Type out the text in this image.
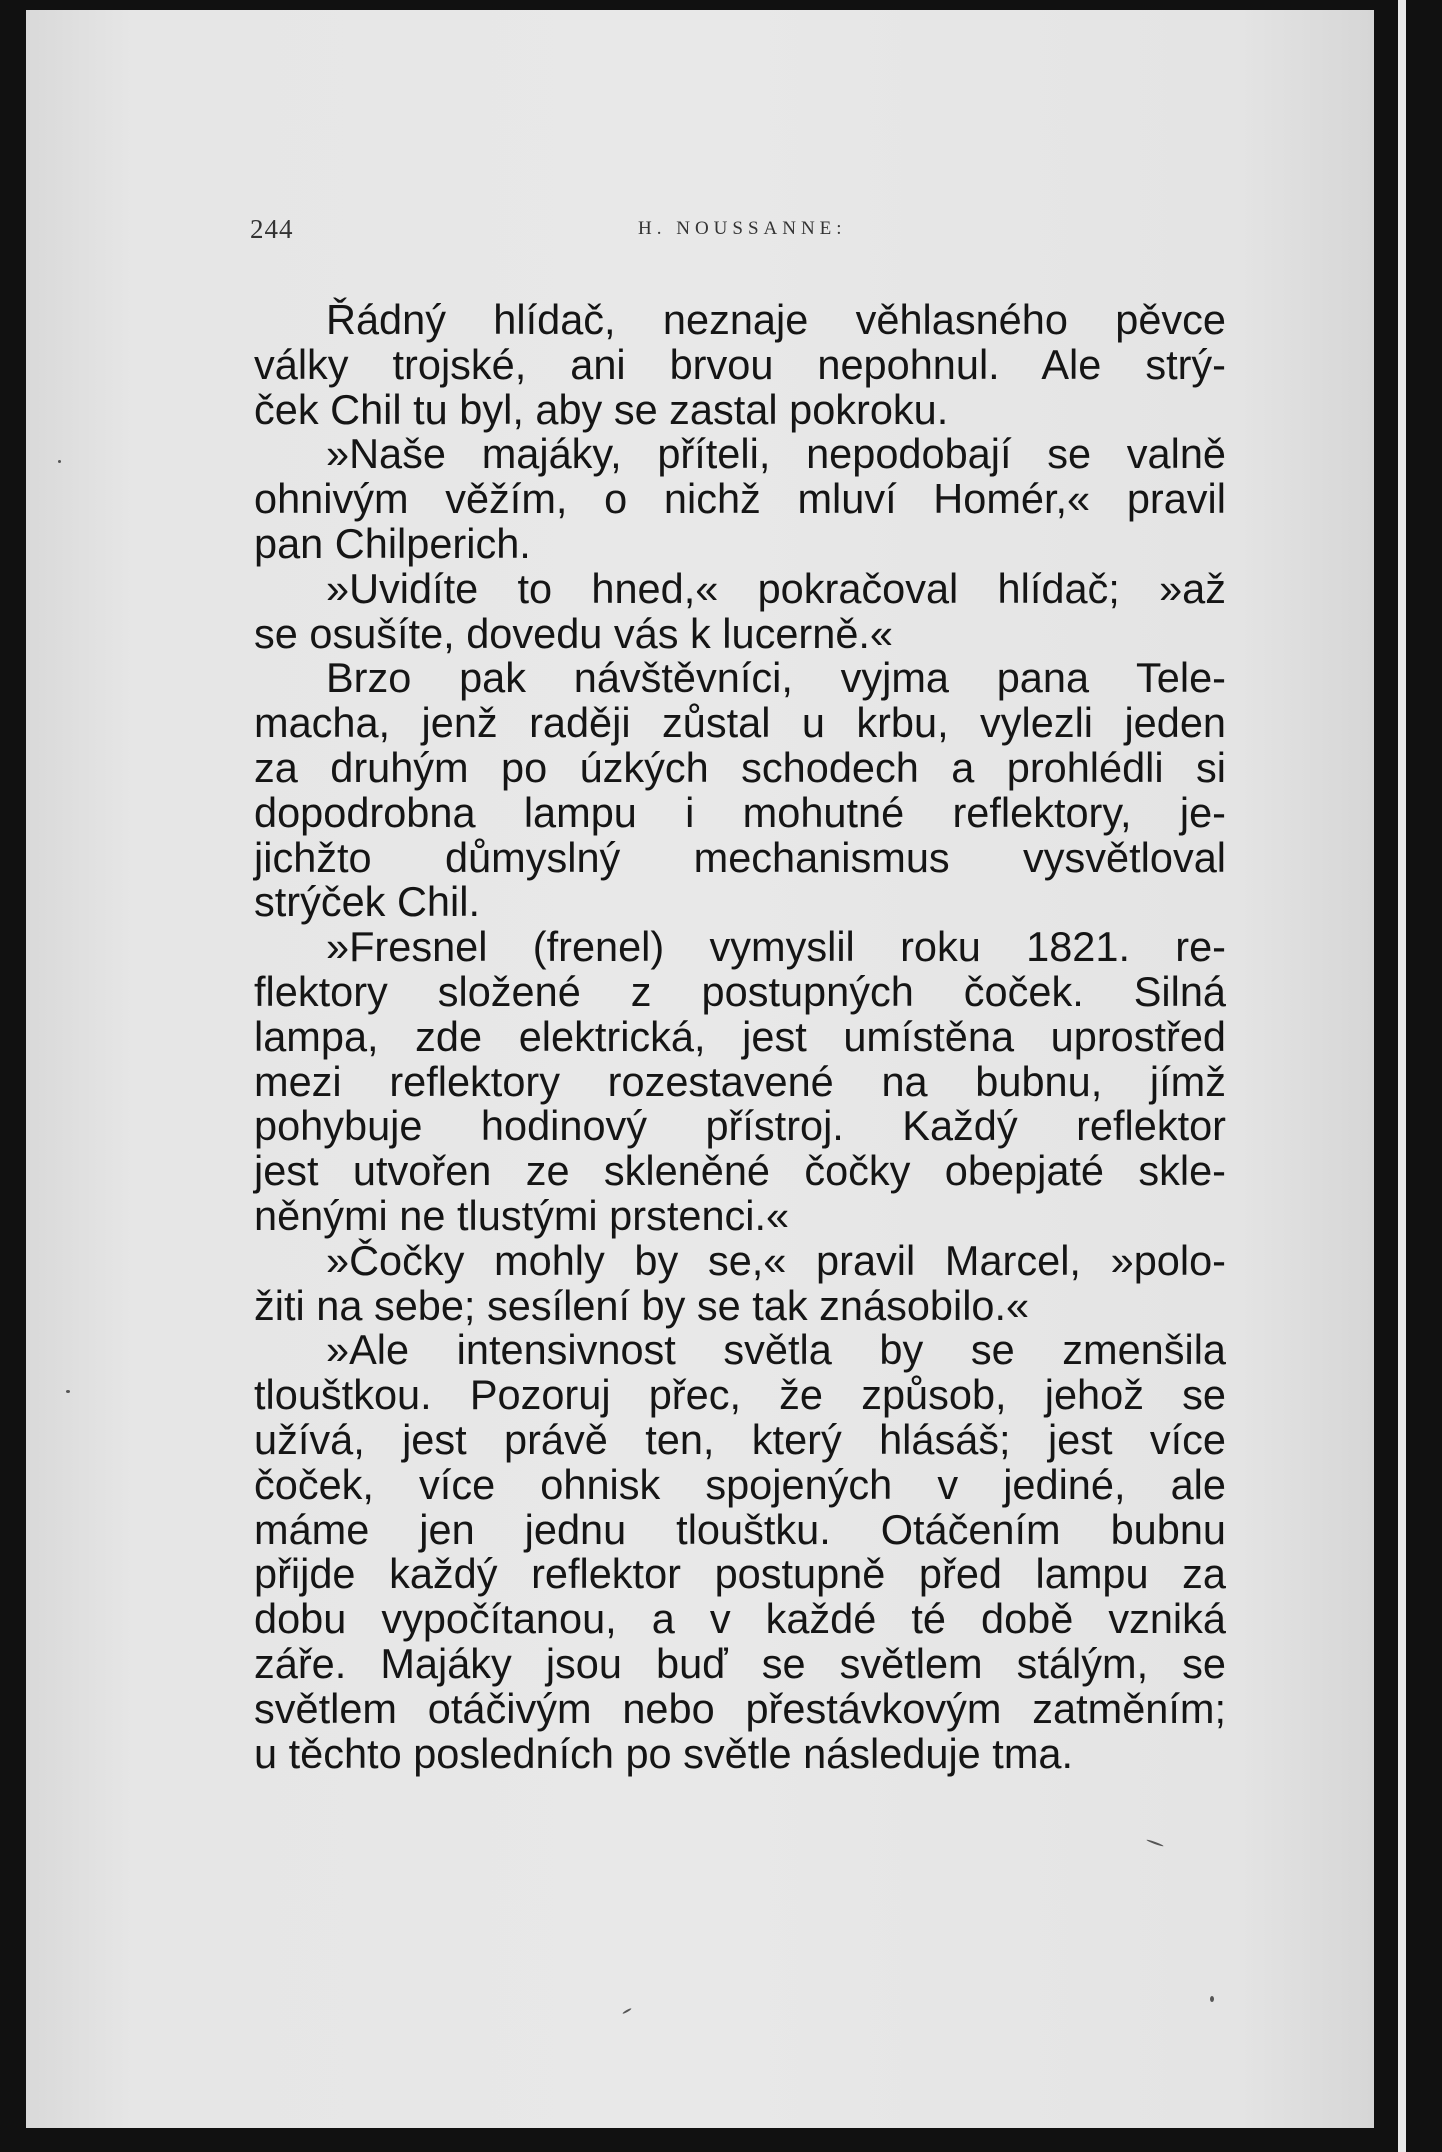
244	H. NOUSSANNE:
Řádný hlídač, neznaje věhlasného pěvce
války trojské, ani brvou nepohnul. Ale strý-
ček Chil tu byl, aby se zastal pokroku.
»Naše majáky, příteli, nepodobají se valně
ohnivým věžím, o nichž mluví Homér,« pravil
pan Chilperich.
»Uvidíte to hned,« pokračoval hlídač; »až
se osušíte, dovedu vás k lucerně.«
Brzo pak návštěvníci, vyjma pana Tele-
macha, jenž raději zůstal u krbu, vylezli jeden
za druhým po úzkých schodech a prohlédli si
dopodrobna lampu i mohutné reflektory, je-
jichžto důmyslný mechanismus vysvětloval
strýček Chil.
»Fresnel (frenel) vymyslil roku 1821. re-
flektory složené z postupných čoček. Silná
lampa, zde elektrická, jest umístěna uprostřed
mezi reflektory rozestavené na bubnu, jímž
pohybuje hodinový přístroj. Každý reflektor
jest utvořen ze skleněné čočky obepjaté skle-
něnými ne tlustými prstenci.«
»Čočky mohly by se,« pravil Marcel, »polo-
žiti na sebe; sesílení by se tak znásobilo.«
»Ale intensivnost světla by se zmenšila
tlouštkou. Pozoruj přec, že způsob, jehož se
užívá, jest právě ten, který hlásáš; jest více
čoček, více ohnisk spojených v jediné, ale
máme jen jednu tlouštku. Otáčením bubnu
přijde každý reflektor postupně před lampu za
dobu vypočítanou, a v každé té době vzniká
záře. Majáky jsou buď se světlem stálým, se
světlem otáčivým nebo přestávkovým zatměním;
u těchto posledních po světle následuje tma.
